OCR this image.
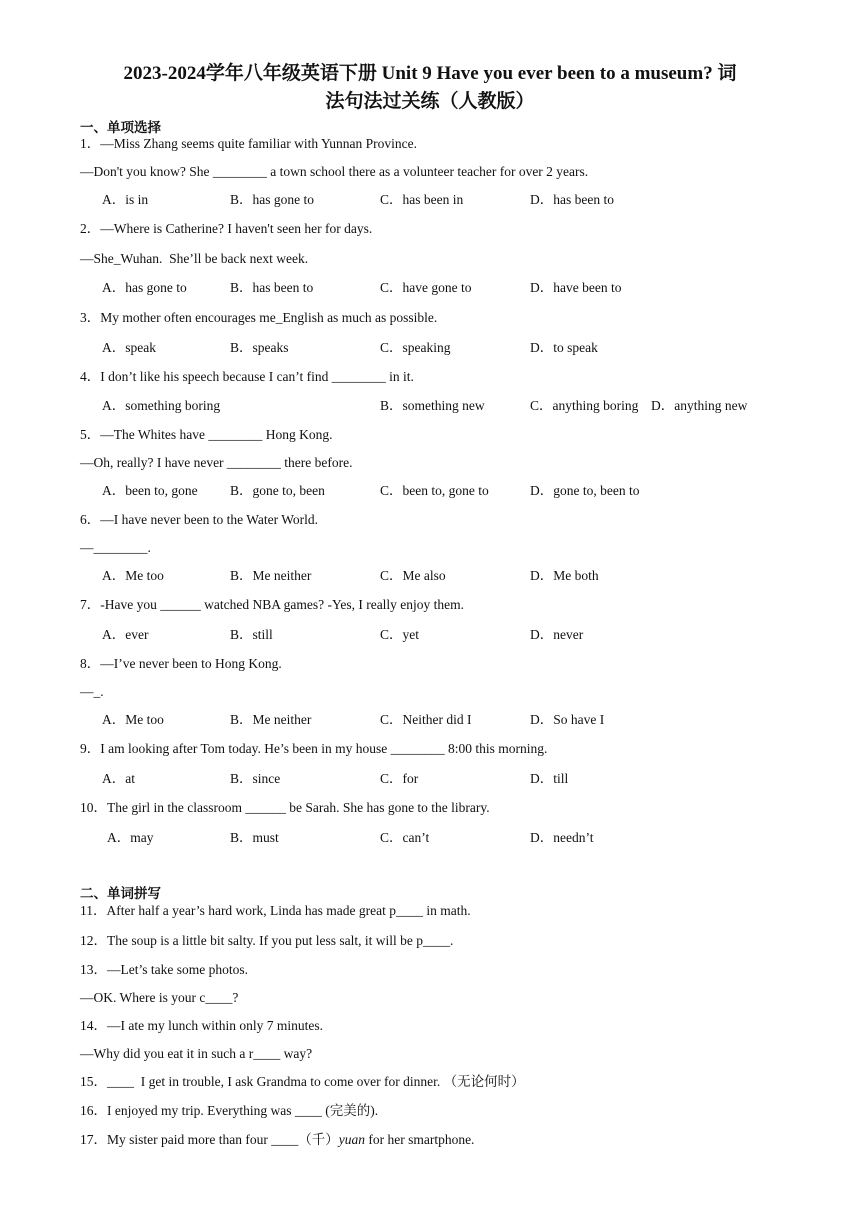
2023-2024学年八年级英语下册 Unit 9 Have you ever been to a museum? 词
法句法过关练（人教版）
一、单项选择
1．—Miss Zhang seems quite familiar with Yunnan Province.
—Don't you know? She ________ a town school there as a volunteer teacher for over 2 years.
A．is in	B．has gone to	C．has been in	D．has been to
2．—Where is Catherine? I haven't seen her for days.
—She_Wuhan.  She’ll be back next week.
A．has gone to	B．has been to	C．have gone to	D．have been to
3．My mother often encourages me_English as much as possible.
A．speak	B．speaks	C．speaking	D．to speak
4．I don’t like his speech because I can’t find ________ in it.
A．something boring	B．something new	C．anything boring D．anything new
5．—The Whites have ________ Hong Kong.
—Oh, really? I have never ________ there before.
A．been to, gone B．gone to, been	C．been to, gone to	D．gone to, been to
6．—I have never been to the Water World.
—________.
A．Me too	B．Me neither	C．Me also	D．Me both
7．-Have you ______ watched NBA games? -Yes, I really enjoy them.
A．ever	B．still	C．yet	D．never
8．—I’ve never been to Hong Kong.
—_.
A．Me too	B．Me neither	C．Neither did I	D．So have I
9．I am looking after Tom today. He’s been in my house ________ 8:00 this morning.
A．at	B．since	C．for	D．till
10．The girl in the classroom ______ be Sarah. She has gone to the library.
A．may	B．must	C．can’t	D．needn’t
二、单词拼写
11．After half a year’s hard work, Linda has made great p____ in math.
12．The soup is a little bit salty. If you put less salt, it will be p____.
13．—Let’s take some photos.
—OK. Where is your c____?
14．—I ate my lunch within only 7 minutes.
—Why did you eat it in such a r____ way?
15．____  I get in trouble, I ask Grandma to come over for dinner. （无论何时）
16．I enjoyed my trip. Everything was ____ (完美的).
17．My sister paid more than four ____（千）yuan for her smartphone.
